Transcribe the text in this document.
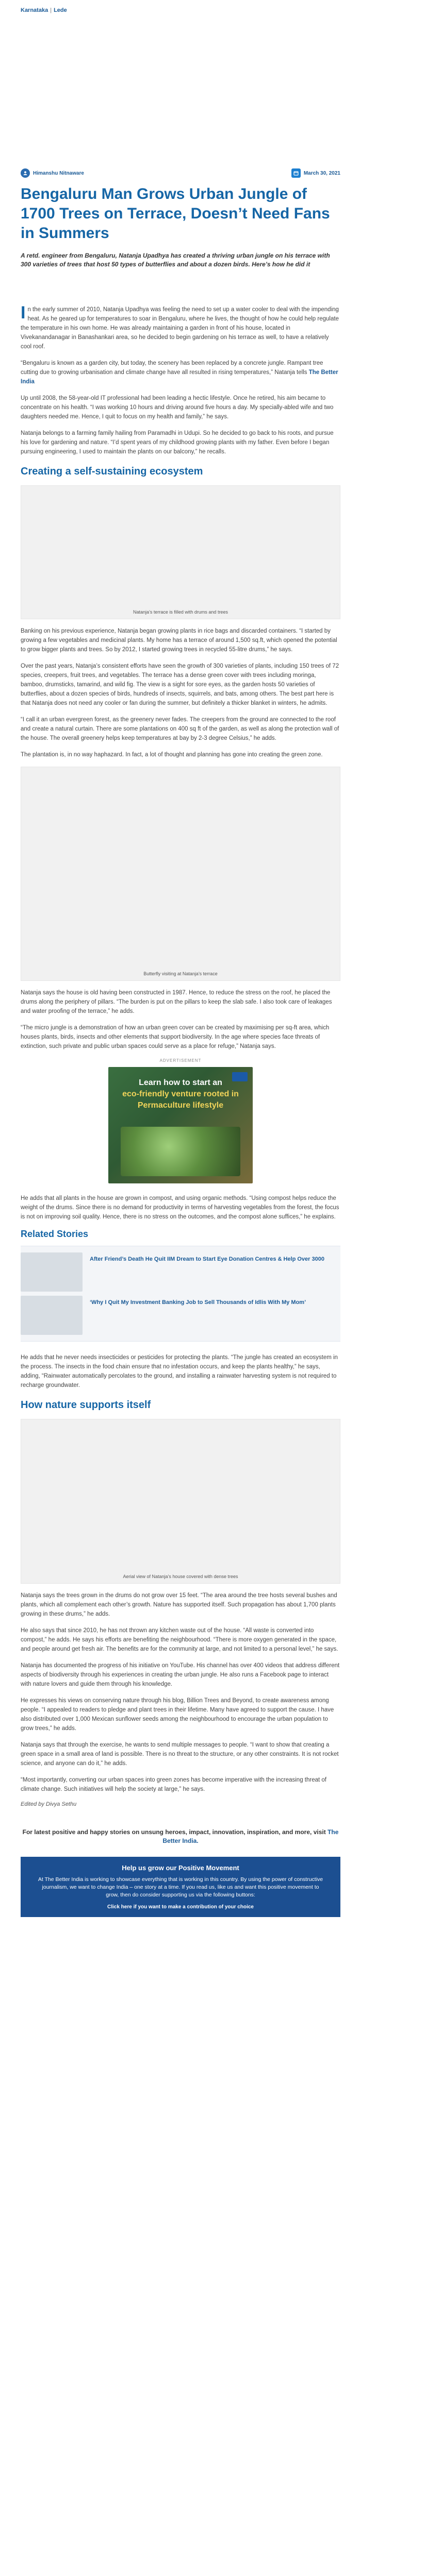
Karnataka | Lede
Himanshu Nitnaware	March 30, 2021
Bengaluru Man Grows Urban Jungle of 1700 Trees on Terrace, Doesn’t Need Fans in Summers

A retd. engineer from Bengaluru, Natanja Upadhya has created a thriving urban jungle on his terrace with 300 varieties of trees that host 50 types of butterflies and about a dozen birds. Here’s how he did it

In the early summer of 2010, Natanja Upadhya was feeling the need to set up a water cooler to deal with the impending heat. As he geared up for temperatures to soar in Bengaluru, where he lives, the thought of how he could help regulate the temperature in his own home. He was already maintaining a garden in front of his house, located in Vivekanandanagar in Banashankari area, so he decided to begin gardening on his terrace as well, to have a relatively cool roof.

“Bengaluru is known as a garden city, but today, the scenery has been replaced by a concrete jungle. Rampant tree cutting due to growing urbanisation and climate change have all resulted in rising temperatures,” Natanja tells The Better India

Up until 2008, the 58-year-old IT professional had been leading a hectic lifestyle. Once he retired, his aim became to concentrate on his health. “I was working 10 hours and driving around five hours a day. My specially-abled wife and two daughters needed me. Hence, I quit to focus on my health and family,” he says.

Natanja belongs to a farming family hailing from Paramadhi in Udupi. So he decided to go back to his roots, and pursue his love for gardening and nature. “I’d spent years of my childhood growing plants with my father. Even before I began pursuing engineering, I used to maintain the plants on our balcony,” he recalls.

Creating a self-sustaining ecosystem
Natanja’s terrace is filled with drums and trees

Banking on his previous experience, Natanja began growing plants in rice bags and discarded containers. “I started by growing a few vegetables and medicinal plants. My home has a terrace of around 1,500 sq.ft, which opened the potential to grow bigger plants and trees. So by 2012, I started growing trees in recycled 55-litre drums,” he says.

Over the past years, Natanja’s consistent efforts have seen the growth of 300 varieties of plants, including 150 trees of 72 species, creepers, fruit trees, and vegetables. The terrace has a dense green cover with trees including moringa, bamboo, drumsticks, tamarind, and wild fig. The view is a sight for sore eyes, as the garden hosts 50 varieties of butterflies, about a dozen species of birds, hundreds of insects, squirrels, and bats, among others. The best part here is that Natanja does not need any cooler or fan during the summer, but definitely a thicker blanket in winters, he admits.

“I call it an urban evergreen forest, as the greenery never fades. The creepers from the ground are connected to the roof and create a natural curtain. There are some plantations on 400 sq ft of the garden, as well as along the protection wall of the house. The overall greenery helps keep temperatures at bay by 2-3 degree Celsius,” he adds.

The plantation is, in no way haphazard. In fact, a lot of thought and planning has gone into creating the green zone.

Butterfly visiting at Natanja’s terrace

Natanja says the house is old having been constructed in 1987. Hence, to reduce the stress on the roof, he placed the drums along the periphery of pillars. “The burden is put on the pillars to keep the slab safe. I also took care of leakages and water proofing of the terrace,” he adds.

“The micro jungle is a demonstration of how an urban green cover can be created by maximising per sq-ft area, which houses plants, birds, insects and other elements that support biodiversity. In the age where species face threats of extinction, such private and public urban spaces could serve as a place for refuge,” Natanja says.

ADVERTISEMENT
Learn how to start an
eco-friendly venture rooted in
Permaculture lifestyle

He adds that all plants in the house are grown in compost, and using organic methods. “Using compost helps reduce the weight of the drums. Since there is no demand for productivity in terms of harvesting vegetables from the forest, the focus is not on improving soil quality. Hence, there is no stress on the outcomes, and the compost alone suffices,” he explains.

Related Stories
After Friend’s Death He Quit IIM Dream to Start Eye Donation Centres & Help Over 3000
‘Why I Quit My Investment Banking Job to Sell Thousands of Idlis With My Mom’

He adds that he never needs insecticides or pesticides for protecting the plants. “The jungle has created an ecosystem in the process. The insects in the food chain ensure that no infestation occurs, and keep the plants healthy,” he says, adding, “Rainwater automatically percolates to the ground, and installing a rainwater harvesting system is not required to recharge groundwater.

How nature supports itself
Aerial view of Natanja’s house covered with dense trees

Natanja says the trees grown in the drums do not grow over 15 feet. “The area around the tree hosts several bushes and plants, which all complement each other’s growth. Nature has supported itself. Such propagation has about 1,700 plants growing in these drums,” he adds.

He also says that since 2010, he has not thrown any kitchen waste out of the house. “All waste is converted into compost,” he adds. He says his efforts are benefiting the neighbourhood. “There is more oxygen generated in the space, and people around get fresh air. The benefits are for the community at large, and not limited to a personal level,” he says.

Natanja has documented the progress of his initiative on YouTube. His channel has over 400 videos that address different aspects of biodiversity through his experiences in creating the urban jungle. He also runs a Facebook page to interact with nature lovers and guide them through his knowledge.

He expresses his views on conserving nature through his blog, Billion Trees and Beyond, to create awareness among people. “I appealed to readers to pledge and plant trees in their lifetime. Many have agreed to support the cause. I have also distributed over 1,000 Mexican sunflower seeds among the neighbourhood to encourage the urban population to grow trees,” he adds.

Natanja says that through the exercise, he wants to send multiple messages to people. “I want to show that creating a green space in a small area of land is possible. There is no threat to the structure, or any other constraints. It is not rocket science, and anyone can do it,” he adds.

“Most importantly, converting our urban spaces into green zones has become imperative with the increasing threat of climate change. Such initiatives will help the society at large,” he says.

Edited by Divya Sethu

For latest positive and happy stories on unsung heroes, impact, innovation, inspiration, and more, visit The Better India.
Help us grow our Positive Movement

At The Better India is working to showcase everything that is working in this country. By using the power of constructive journalism, we want to change India – one story at a time. If you read us, like us and want this positive movement to grow, then do consider supporting us via the following buttons:

Click here if you want to make a contribution of your choice
